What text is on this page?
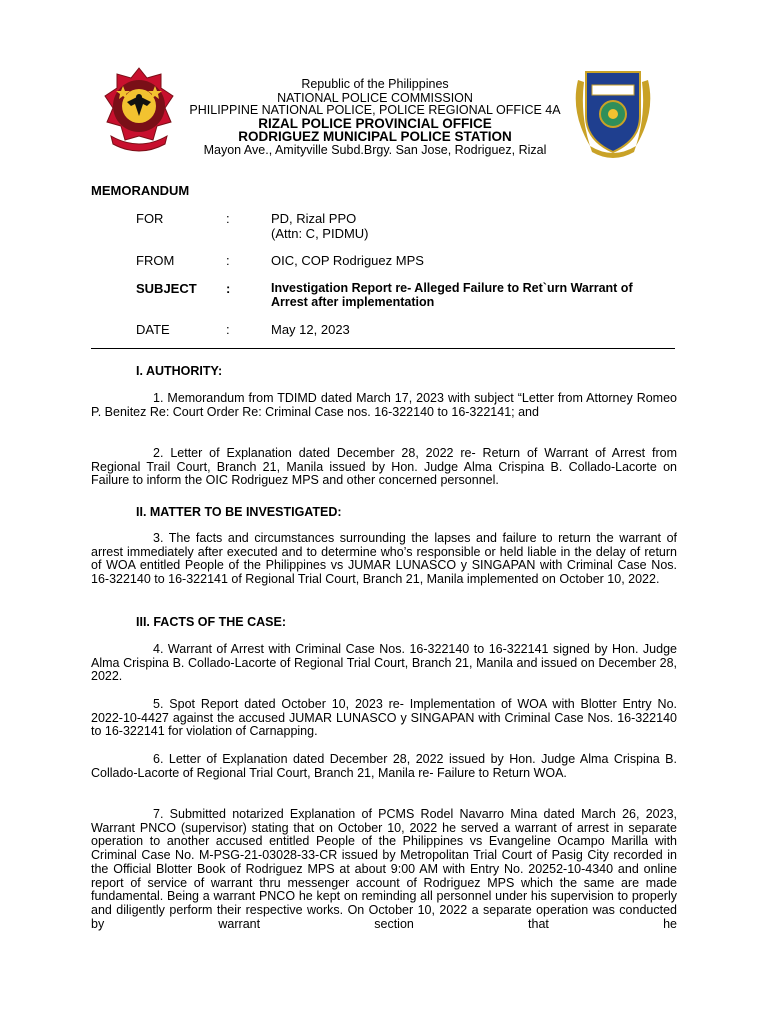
Republic of the Philippines
NATIONAL POLICE COMMISSION
PHILIPPINE NATIONAL POLICE, POLICE REGIONAL OFFICE 4A
RIZAL POLICE PROVINCIAL OFFICE
RODRIGUEZ MUNICIPAL POLICE STATION
Mayon Ave., Amityville Subd.Brgy. San Jose, Rodriguez, Rizal
MEMORANDUM
FOR	:	PD, Rizal PPO
(Attn: C, PIDMU)
FROM	:	OIC, COP Rodriguez MPS
SUBJECT :	Investigation Report re- Alleged Failure to Ret`urn Warrant of
Arrest after implementation
DATE	:	May 12, 2023
I. AUTHORITY:
1. Memorandum from TDIMD dated March 17, 2023 with subject “Letter from Attorney Romeo P. Benitez Re: Court Order Re: Criminal Case nos. 16-322140 to 16-322141; and
2. Letter of Explanation dated December 28, 2022 re- Return of Warrant of Arrest from Regional Trail Court, Branch 21, Manila issued by Hon. Judge Alma Crispina B. Collado-Lacorte on Failure to inform the OIC Rodriguez MPS and other concerned personnel.
II. MATTER TO BE INVESTIGATED:
3. The facts and circumstances surrounding the lapses and failure to return the warrant of arrest immediately after executed and to determine who’s responsible or held liable in the delay of return of WOA entitled People of the Philippines vs JUMAR LUNASCO y SINGAPAN with Criminal Case Nos. 16-322140 to 16-322141 of Regional Trial Court, Branch 21, Manila implemented on October 10, 2022.
III. FACTS OF THE CASE:
4. Warrant of Arrest with Criminal Case Nos. 16-322140 to 16-322141 signed by Hon. Judge Alma Crispina B. Collado-Lacorte of Regional Trial Court, Branch 21, Manila and issued on December 28, 2022.
5. Spot Report dated October 10, 2023 re- Implementation of WOA with Blotter Entry No. 2022-10-4427 against the accused JUMAR LUNASCO y SINGAPAN with Criminal Case Nos. 16-322140 to 16-322141 for violation of Carnapping.
6. Letter of Explanation dated December 28, 2022 issued by Hon. Judge Alma Crispina B. Collado-Lacorte of Regional Trial Court, Branch 21, Manila re- Failure to Return WOA.
7. Submitted notarized Explanation of PCMS Rodel Navarro Mina dated March 26, 2023, Warrant PNCO (supervisor) stating that on October 10, 2022 he served a warrant of arrest in separate operation to another accused entitled People of the Philippines vs Evangeline Ocampo Marilla with Criminal Case No. M-PSG-21-03028-33-CR issued by Metropolitan Trial Court of Pasig City recorded in the Official Blotter Book of Rodriguez MPS at about 9:00 AM with Entry No. 20252-10-4340 and online report of service of warrant thru messenger account of Rodriguez MPS which the same are made fundamental. Being a warrant PNCO he kept on reminding all personnel under his supervision to properly and diligently perform their respective works. On October 10, 2022 a separate operation was conducted by warrant section that he
